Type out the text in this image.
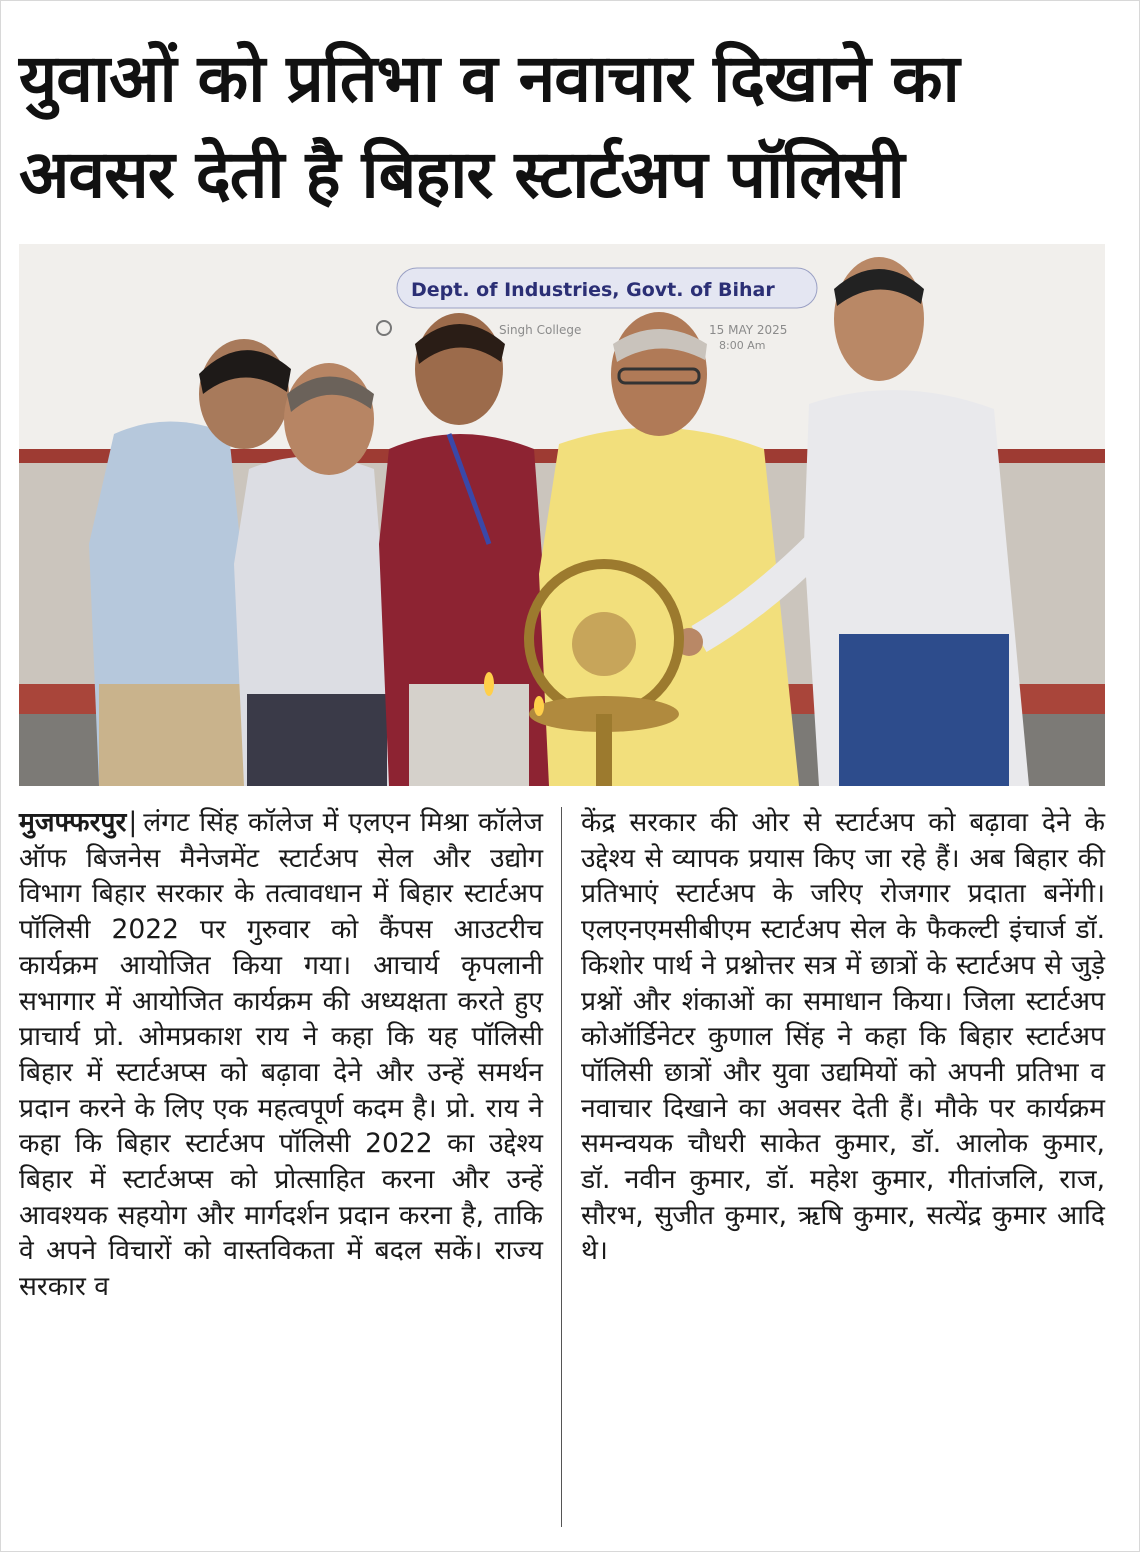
युवाओं को प्रतिभा व नवाचार दिखाने का
अवसर देती है बिहार स्टार्टअप पॉलिसी
Dept. of Industries, Govt. of Bihar
Singh College	15 MAY 2025
8:00 Am

मुजफ्फरपुर | लंगट सिंह कॉलेज में एलएन मिश्रा कॉलेज ऑफ बिजनेस मैनेजमेंट स्टार्टअप सेल और उद्योग विभाग बिहार सरकार के तत्वावधान में बिहार स्टार्टअप पॉलिसी 2022 पर गुरुवार को कैंपस आउटरीच कार्यक्रम आयोजित किया गया। आचार्य कृपलानी सभागार में आयोजित कार्यक्रम की अध्यक्षता करते हुए प्राचार्य प्रो. ओमप्रकाश राय ने कहा कि यह पॉलिसी बिहार में स्टार्टअप्स को बढ़ावा देने और उन्हें समर्थन प्रदान करने के लिए एक महत्वपूर्ण कदम है। प्रो. राय ने कहा कि बिहार स्टार्टअप पॉलिसी 2022 का उद्देश्य बिहार में स्टार्टअप्स को प्रोत्साहित करना और उन्हें आवश्यक सहयोग और मार्गदर्शन प्रदान करना है, ताकि वे अपने विचारों को वास्तविकता में बदल सकें। राज्य सरकार व

केंद्र सरकार की ओर से स्टार्टअप को बढ़ावा देने के उद्देश्य से व्यापक प्रयास किए जा रहे हैं। अब बिहार की प्रतिभाएं स्टार्टअप के जरिए रोजगार प्रदाता बनेंगी। एलएनएमसीबीएम स्टार्टअप सेल के फैकल्टी इंचार्ज डॉ. किशोर पार्थ ने प्रश्नोत्तर सत्र में छात्रों के स्टार्टअप से जुड़े प्रश्नों और शंकाओं का समाधान किया। जिला स्टार्टअप कोऑर्डिनेटर कुणाल सिंह ने कहा कि बिहार स्टार्टअप पॉलिसी छात्रों और युवा उद्यमियों को अपनी प्रतिभा व नवाचार दिखाने का अवसर देती हैं। मौके पर कार्यक्रम समन्वयक चौधरी साकेत कुमार, डॉ. आलोक कुमार, डॉ. नवीन कुमार, डॉ. महेश कुमार, गीतांजलि, राज, सौरभ, सुजीत कुमार, ऋषि कुमार, सत्येंद्र कुमार आदि थे।
